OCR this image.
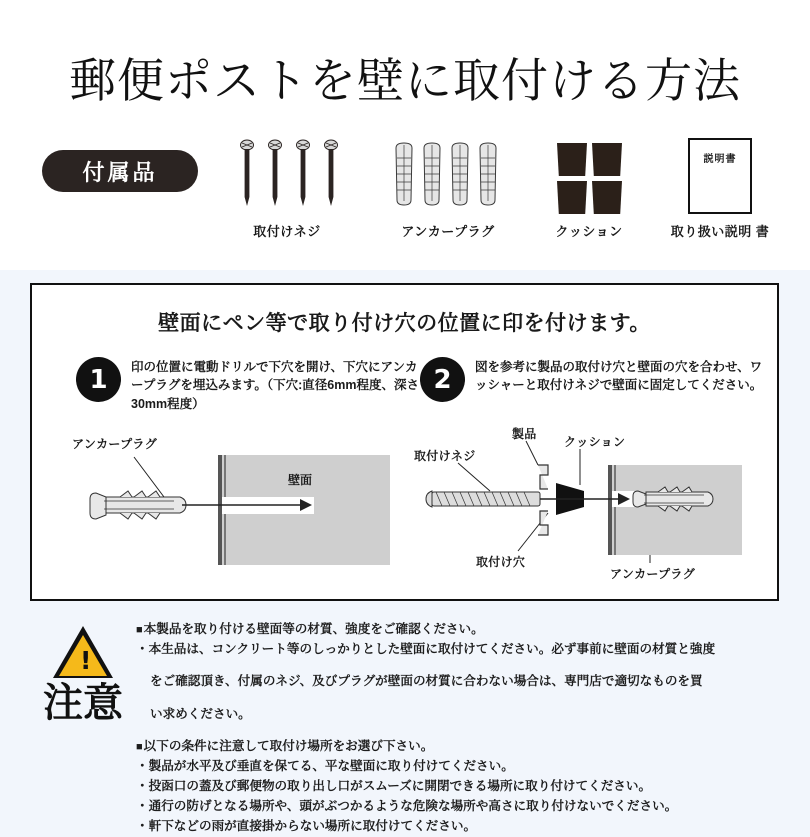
郵便ポストを壁に取付ける方法
付属品
取付けネジ	アンカープラグ	クッション
説明書
取り扱い説明 書
壁面にペン等で取り付け穴の位置に印を付けます。
1	印の位置に電動ドリルで下穴を開け、下穴にアンカープラグを埋込みます。（下穴:直径6mm程度、深さ30mm程度）
2	図を参考に製品の取付け穴と壁面の穴を合わせ、ワッシャーと取付けネジで壁面に固定してください。
アンカープラグ
壁面
取付けネジ
製品
クッション
取付け穴
アンカープラグ
!
注意

■ 本製品を取り付ける壁面等の材質、強度をご確認ください。

・ 本生品は、コンクリート等のしっかりとした壁面に取付けてください。必ず事前に壁面の材質と強度

をご確認頂き、付属のネジ、及びプラグが壁面の材質に合わない場合は、専門店で適切なものを買

い求めください。

■ 以下の条件に注意して取付け場所をお選び下さい。

・ 製品が水平及び垂直を保てる、平な壁面に取り付けてください。

・ 投函口の蓋及び郵便物の取り出し口がスムーズに開閉できる場所に取り付けてください。

・ 通行の防げとなる場所や、頭がぶつかるような危険な場所や高さに取り付けないでください。

・ 軒下などの雨が直接掛からない場所に取付けてください。
